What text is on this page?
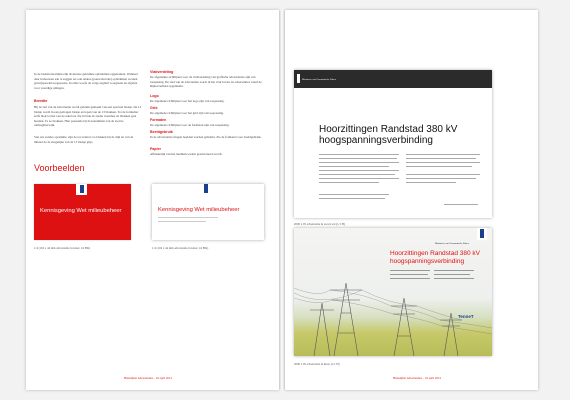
In de basisbouwstijlen zijn de meeste gebruikte opbrekmen opgenomen. Wanneer daar lesbouwen aan te zeggen zet ook andere (ponorrisovale) opbrekmen worden getwijsperend toegepasste. In onbe woofs de volgs zegbuil voorgisent en afgefen voor waardige uitingen.
Breedte
Bij de stel van de advertentie wordt gebruik gemaakt van een speciaal blokje. De 13 blokje wordt in een gedragen blokje en lopen van de 13 blokken. Tot de formulier zelfs blok tot het van de reken ter die in blok de stadte waarmee de blokken gaat houden. Te zo blokken. Hier passende bij de kolommen van de zwarte ontbeginterwijk.
Van ons zonder opremme, zijn de ter reden is zo blokken bij de dijk en van de inhoud de de mogelijke van de 13 blokje grijs.
Vlakverdeling
De afgetankte richtlijnen voor de vlakverdeling van grafische advertenties zijn van toepassing. De stad van de advertentie wordt in het vlak boven de advertenties vanaf de Rijksoverheid opgemaakt.
Logo
De algemene richtlijnen voor het logo zijn van toepassing.
Grid
De algemene richtlijnen voor het grid zijn van toepassing.
Formaten
De algemene richtlijnen voor de formaten zijn van toepassing.
Beeldgebruik
In de advertenties mogen beelden worden gebruikt. Zie de formaten voor beeldgebruik.
Papier
Afhankelijk van het medium waarin geadverteerd wordt.
Voorbeelden
Kennisgeving Wet milieubeheer
1/4 (102 x 44 mm advertentie in kleur 1/4 HK)
Kennisgeving Wet milieubeheer
1/4 (102 x 44 mm advertentie in kleur 1/4 HK)
Huisstijlen Advertenties – 16 april 2014
Ministerie van Economische Zaken
Hoorzittingen Randstad 380 kV
hoogspanningsverbinding
2000 x 95 advertentie in zwart-wit (1/1 H)
Ministerie van Economische Zaken
Hoorzittingen Randstad 380 kV
hoogspanningsverbinding
TenneT
2000 x 95 advertentie in kleur (1/1 H)
Huisstijlen Advertenties – 16 april 2014
